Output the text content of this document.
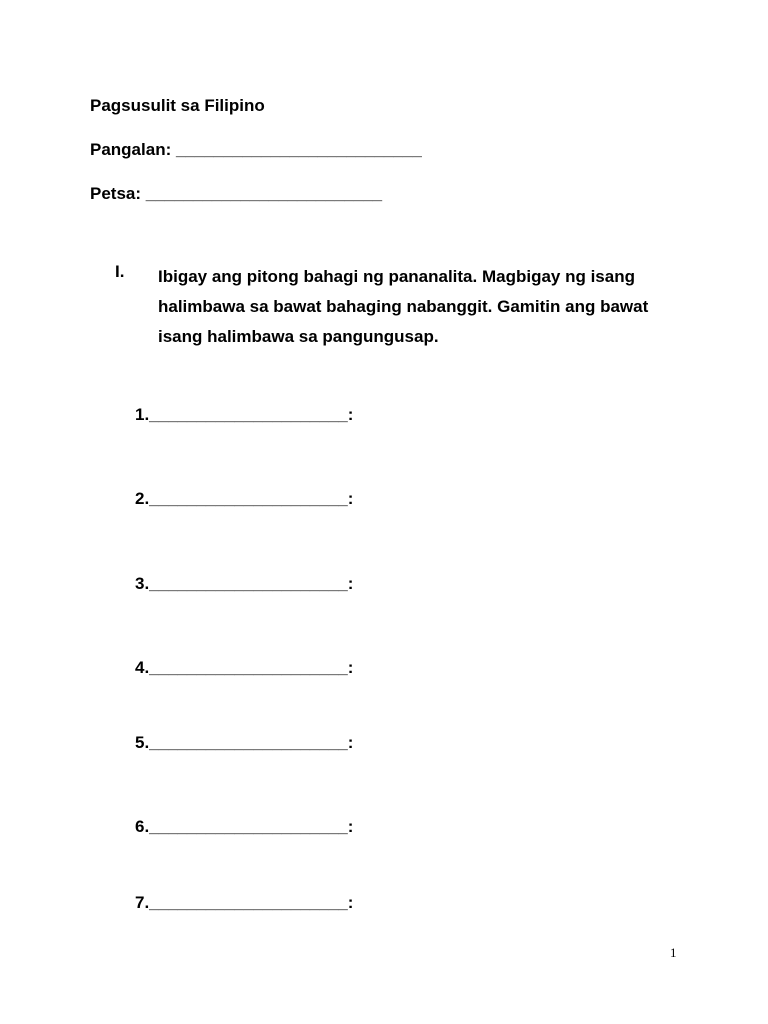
Pagsusulit sa Filipino
Pangalan: __________________________
Petsa: _________________________
I. Ibigay ang pitong bahagi ng pananalita. Magbigay ng isang
halimbawa sa bawat bahaging nabanggit. Gamitin ang bawat
isang halimbawa sa pangungusap.
1._____________________:
2._____________________:
3._____________________:
4._____________________:
5._____________________:
6._____________________:
7._____________________:
1
